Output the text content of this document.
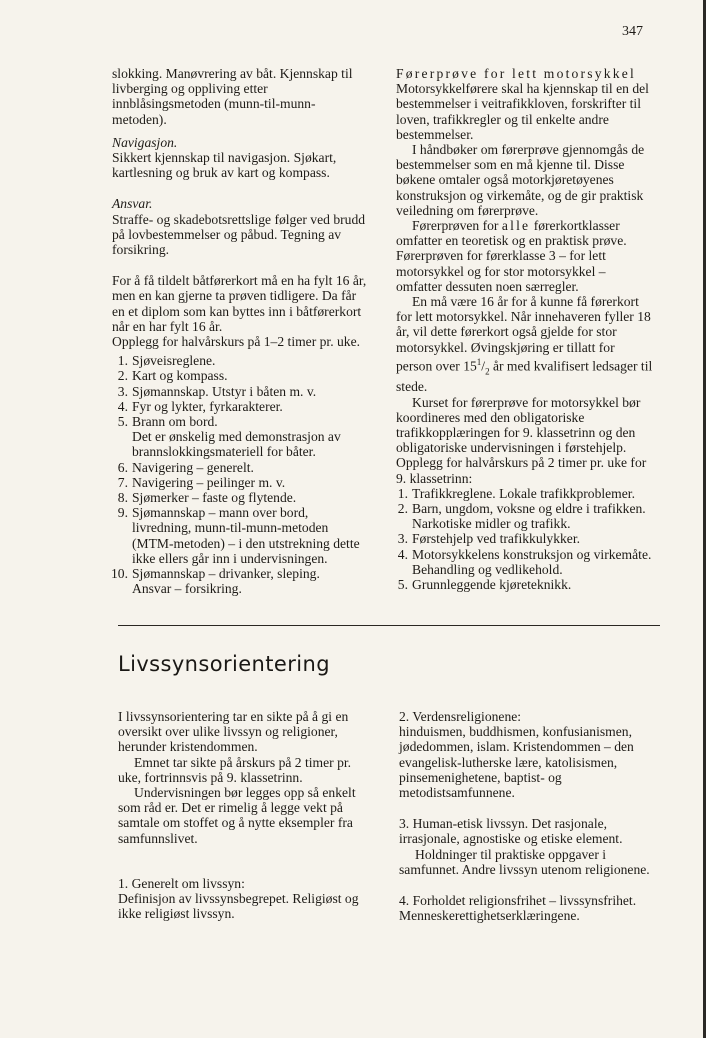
347

slokking. Manøvrering av båt. Kjennskap til livberging og oppliving etter innblåsingsmetoden (munn-til-munn-metoden).

Navigasjon.

Sikkert kjennskap til navigasjon. Sjøkart, kartlesning og bruk av kart og kompass.

Ansvar.

Straffe- og skadebotsrettslige følger ved brudd på lovbestemmelser og påbud. Tegning av forsikring.

For å få tildelt båtførerkort må en ha fylt 16 år, men en kan gjerne ta prøven tidligere. Da får en et diplom som kan byttes inn i båtførerkort når en har fylt 16 år.

Opplegg for halvårskurs på 1–2 timer pr. uke.

1. Sjøveisreglene.
2. Kart og kompass.
3. Sjømannskap. Utstyr i båten m. v.
4. Fyr og lykter, fyrkarakterer.
5. Brann om bord.
Det er ønskelig med demonstrasjon av brannslokkingsmateriell for båter.
6. Navigering – generelt.
7. Navigering – peilinger m. v.
8. Sjømerker – faste og flytende.
9. Sjømannskap – mann over bord, livredning, munn-til-munn-metoden (MTM-metoden) – i den utstrekning dette ikke ellers går inn i undervisningen.
10. Sjømannskap – drivanker, sleping.
Ansvar – forsikring.

Førerprøve for lett motorsykkel

Motorsykkelførere skal ha kjennskap til en del bestemmelser i veitrafikkloven, forskrifter til loven, trafikkregler og til enkelte andre bestemmelser.

I håndbøker om førerprøve gjennomgås de bestemmelser som en må kjenne til. Disse bøkene omtaler også motorkjøretøyenes konstruksjon og virkemåte, og de gir praktisk veiledning om førerprøve.

Førerprøven for alle førerkortklasser omfatter en teoretisk og en praktisk prøve. Førerprøven for førerklasse 3 – for lett motorsykkel og for stor motorsykkel – omfatter dessuten noen særregler.

En må være 16 år for å kunne få førerkort for lett motorsykkel. Når innehaveren fyller 18 år, vil dette førerkort også gjelde for stor motorsykkel. Øvingskjøring er tillatt for person over $15^1/_2$ år med kvalifisert ledsager til stede.

Kurset for førerprøve for motorsykkel bør koordineres med den obligatoriske trafikkopplæringen for 9. klassetrinn og den obligatoriske undervisningen i førstehjelp.

Opplegg for halvårskurs på 2 timer pr. uke for 9. klassetrinn:

1. Trafikkreglene. Lokale trafikkproblemer.
2. Barn, ungdom, voksne og eldre i trafikken.
Narkotiske midler og trafikk.
3. Førstehjelp ved trafikkulykker.
4. Motorsykkelens konstruksjon og virkemåte.
Behandling og vedlikehold.
5. Grunnleggende kjøreteknikk.
Livssynsorientering

I livssynsorientering tar en sikte på å gi en oversikt over ulike livssyn og religioner, herunder kristendommen.

Emnet tar sikte på årskurs på 2 timer pr. uke, fortrinnsvis på 9. klassetrinn.

Undervisningen bør legges opp så enkelt som råd er. Det er rimelig å legge vekt på samtale om stoffet og å nytte eksempler fra samfunnslivet.

1. Generelt om livssyn:

Definisjon av livssynsbegrepet. Religiøst og ikke religiøst livssyn.

2. Verdensreligionene:

hinduismen, buddhismen, konfusianismen, jødedommen, islam. Kristendommen – den evangelisk-lutherske lære, katolisismen, pinsemenighetene, baptist- og metodistsamfunnene.

3. Human-etisk livssyn. Det rasjonale, irrasjonale, agnostiske og etiske element.

Holdninger til praktiske oppgaver i samfunnet. Andre livssyn utenom religionene.

4. Forholdet religionsfrihet – livssynsfrihet. Menneskerettighetserklæringene.
